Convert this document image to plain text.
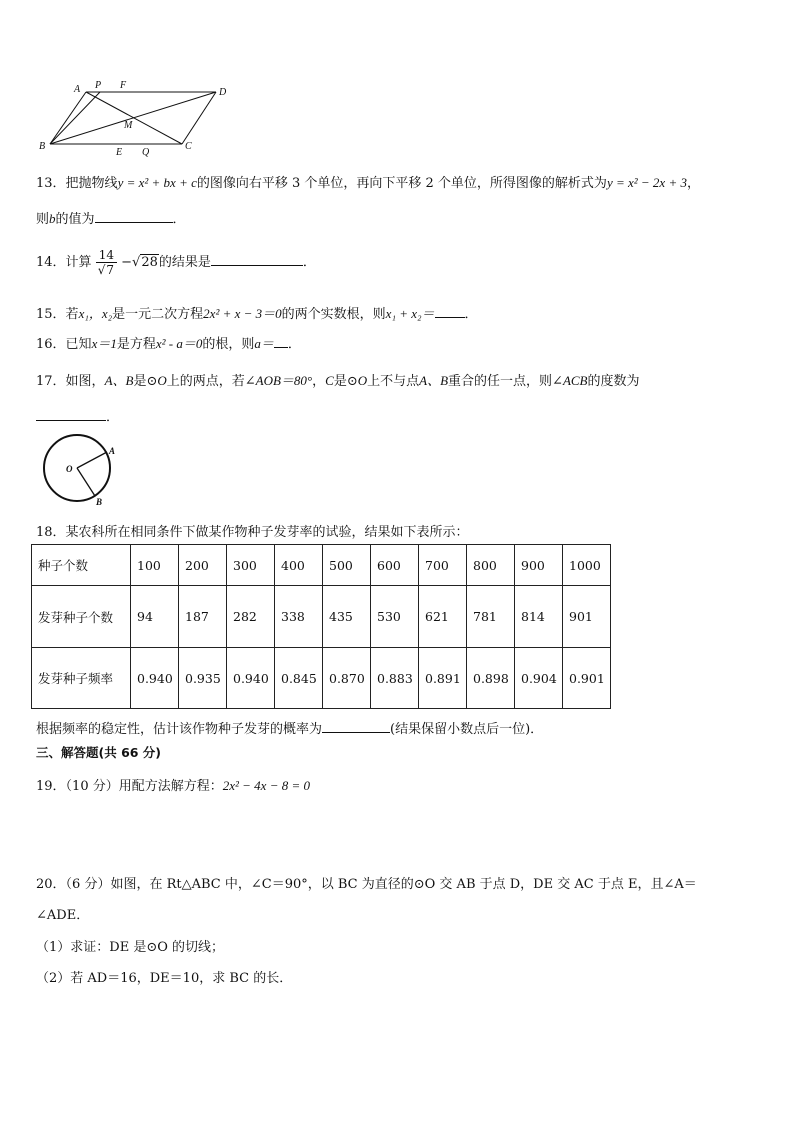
A P F
D
B
M
E Q
C
13．把抛物线y = x² + bx + c的图像向右平移 3 个单位，再向下平移 2 个单位，所得图像的解析式为y = x² − 2x + 3，
则b的值为	．
14．计算 $\frac{14}{√7} -√28$的结果是	．
15．若x₁，x₂是一元二次方程2x² + x − 3＝0的两个实数根，则x₁ + x₂＝ ．
16．已知x＝1是方程x² - a＝0的根，则a＝ ．
17．如图，A、B是⊙O上的两点，若∠AOB＝80°，C是⊙O上不与点A、B重合的任一点，则∠ACB的度数为
．
O
A
B
18．某农科所在相同条件下做某作物种子发芽率的试验，结果如下表所示：
种子个数	100	200	300	400	500	600	700	800	900	1000
发芽种子个数	94	187	282	338	435	530	621	781	814	901
发芽种子频率	0.940	0.935	0.940	0.845	0.870	0.883	0.891	0.898	0.904	0.901
根据频率的稳定性，估计该作物种子发芽的概率为	(结果保留小数点后一位)．
三、解答题(共 66 分)
19．（10 分）用配方法解方程：2x² − 4x − 8 = 0
20．（6 分）如图，在 Rt△ABC 中，∠C＝90°，以 BC 为直径的⊙O 交 AB 于点 D，DE 交 AC 于点 E，且∠A＝
∠ADE．
（1）求证：DE 是⊙O 的切线；
（2）若 AD＝16，DE＝10，求 BC 的长．
